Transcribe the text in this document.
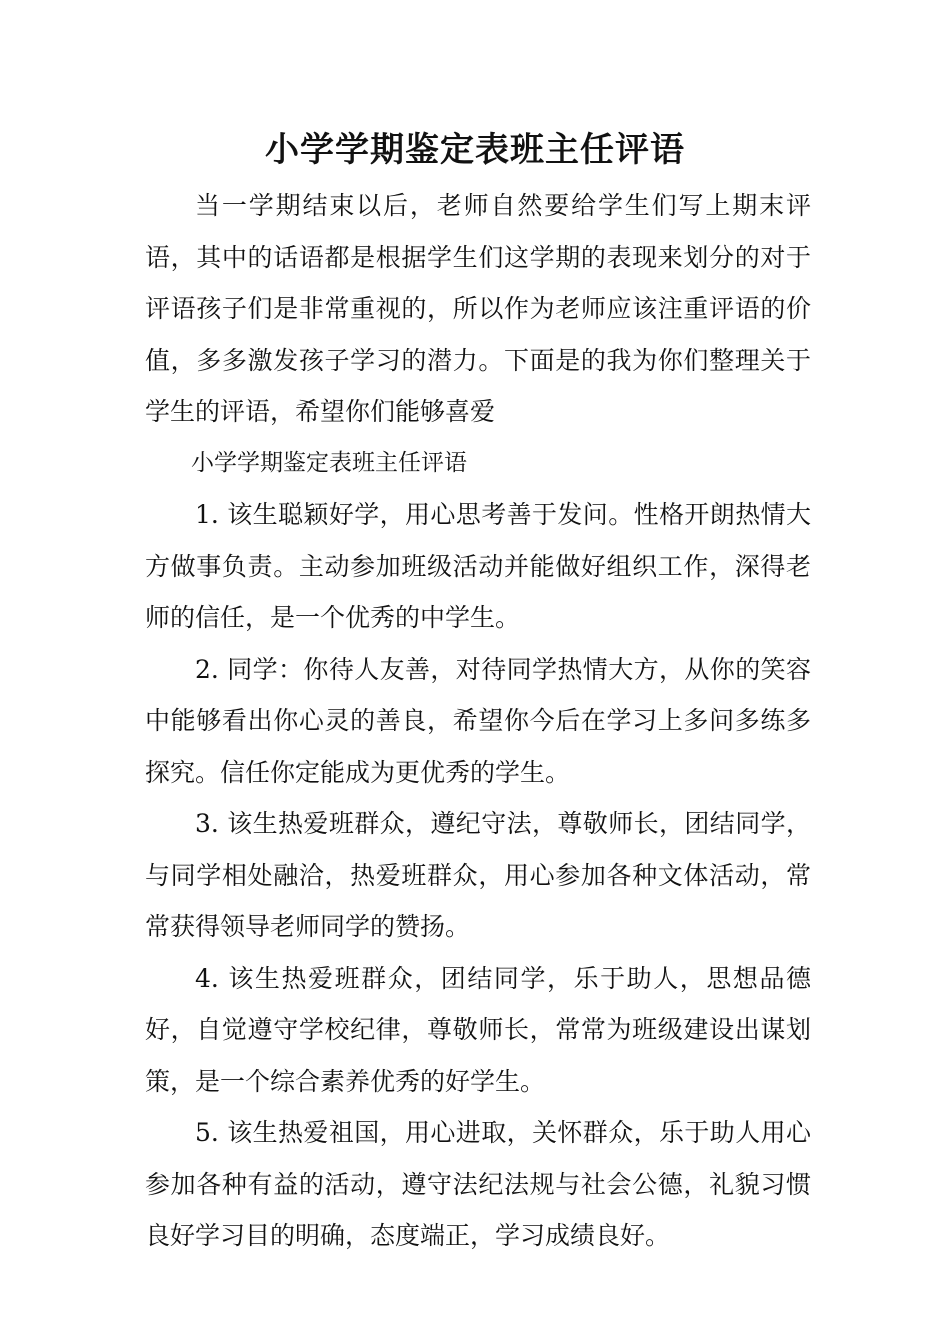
小学学期鉴定表班主任评语

当一学期结束以后，老师自然要给学生们写上期末评语，其中的话语都是根据学生们这学期的表现来划分的对于评语孩子们是非常重视的，所以作为老师应该注重评语的价值，多多激发孩子学习的潜力。下面是的我为你们整理关于学生的评语，希望你们能够喜爱

小学学期鉴定表班主任评语

1. 该生聪颖好学，用心思考善于发问。性格开朗热情大方做事负责。主动参加班级活动并能做好组织工作，深得老师的信任，是一个优秀的中学生。

2. 同学：你待人友善，对待同学热情大方，从你的笑容中能够看出你心灵的善良，希望你今后在学习上多问多练多探究。信任你定能成为更优秀的学生。

3. 该生热爱班群众，遵纪守法，尊敬师长，团结同学，与同学相处融洽，热爱班群众，用心参加各种文体活动，常常获得领导老师同学的赞扬。

4. 该生热爱班群众，团结同学，乐于助人，思想品德好，自觉遵守学校纪律，尊敬师长，常常为班级建设出谋划策，是一个综合素养优秀的好学生。

5. 该生热爱祖国，用心进取，关怀群众，乐于助人用心参加各种有益的活动，遵守法纪法规与社会公德，礼貌习惯良好学习目的明确，态度端正，学习成绩良好。
